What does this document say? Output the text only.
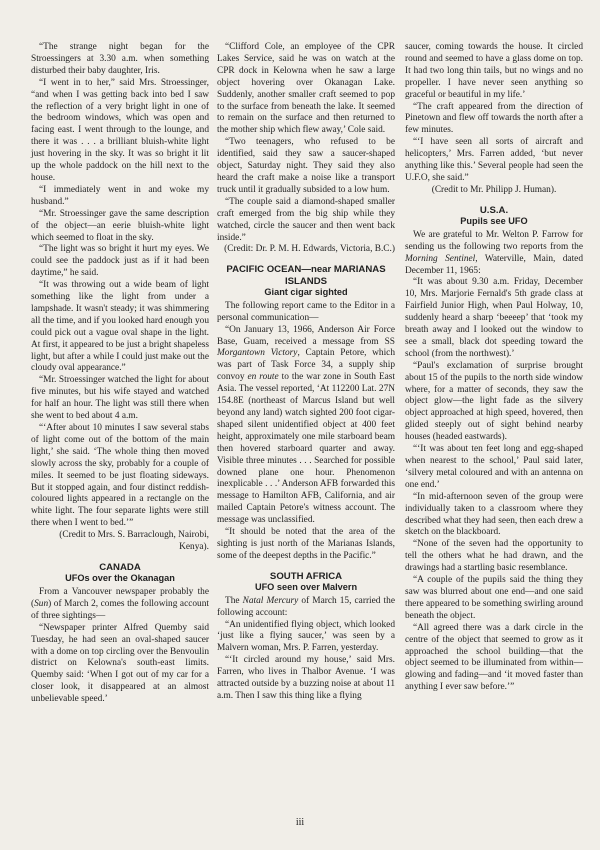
“The strange night began for the Stroessingers at 3.30 a.m. when something disturbed their baby daughter, Iris.

“I went in to her,” said Mrs. Stroessinger, “and when I was getting back into bed I saw the reflection of a very bright light in one of the bedroom windows, which was open and facing east. I went through to the lounge, and there it was . . . a brilliant bluish-white light just hovering in the sky. It was so bright it lit up the whole paddock on the hill next to the house.

“I immediately went in and woke my husband.”

“Mr. Stroessinger gave the same description of the object—an eerie bluish-white light which seemed to float in the sky.

“The light was so bright it hurt my eyes. We could see the paddock just as if it had been daytime,” he said.

“It was throwing out a wide beam of light something like the light from under a lampshade. It wasn't steady; it was shimmering all the time, and if you looked hard enough you could pick out a vague oval shape in the light. At first, it appeared to be just a bright shapeless light, but after a while I could just make out the cloudy oval appearance.”

“Mr. Stroessinger watched the light for about five minutes, but his wife stayed and watched for half an hour. The light was still there when she went to bed about 4 a.m.

“‘After about 10 minutes I saw several stabs of light come out of the bottom of the main light,’ she said. ‘The whole thing then moved slowly across the sky, probably for a couple of miles. It seemed to be just floating sideways. But it stopped again, and four distinct reddish-coloured lights appeared in a rectangle on the white light. The four separate lights were still there when I went to bed.’”

(Credit to Mrs. S. Barraclough, Nairobi, Kenya).

CANADA
UFOs over the Okanagan

From a Vancouver newspaper probably the (Sun) of March 2, comes the following account of three sightings—

“Newspaper printer Alfred Quemby said Tuesday, he had seen an oval-shaped saucer with a dome on top circling over the Benvoulin district on Kelowna's south-east limits. Quemby said: ‘When I got out of my car for a closer look, it disappeared at an almost unbelievable speed.’

“Clifford Cole, an employee of the CPR Lakes Service, said he was on watch at the CPR dock in Kelowna when he saw a large object hovering over Okanagan Lake. Suddenly, another smaller craft seemed to pop to the surface from beneath the lake. It seemed to remain on the surface and then returned to the mother ship which flew away,’ Cole said.

“Two teenagers, who refused to be identified, said they saw a saucer-shaped object, Saturday night. They said they also heard the craft make a noise like a transport truck until it gradually subsided to a low hum.

“The couple said a diamond-shaped smaller craft emerged from the big ship while they watched, circle the saucer and then went back inside.”

(Credit: Dr. P. M. H. Edwards, Victoria, B.C.)

PACIFIC OCEAN—near MARIANAS ISLANDS
Giant cigar sighted

The following report came to the Editor in a personal communication—

“On January 13, 1966, Anderson Air Force Base, Guam, received a message from SS Morgantown Victory, Captain Petore, which was part of Task Force 34, a supply ship convoy en route to the war zone in South East Asia. The vessel reported, ‘At 112200 Lat. 27N 154.8E (northeast of Marcus Island but well beyond any land) watch sighted 200 foot cigar-shaped silent unidentified object at 400 feet height, approximately one mile starboard beam then hovered starboard quarter and away. Visible three minutes . . . Searched for possible downed plane one hour. Phenomenon inexplicable . . .’ Anderson AFB forwarded this message to Hamilton AFB, California, and air mailed Captain Petore's witness account. The message was unclassified.

“It should be noted that the area of the sighting is just north of the Marianas Islands, some of the deepest depths in the Pacific.”

SOUTH AFRICA
UFO seen over Malvern

The Natal Mercury of March 15, carried the following account:

“An unidentified flying object, which looked ‘just like a flying saucer,’ was seen by a Malvern woman, Mrs. P. Farren, yesterday.

“‘It circled around my house,’ said Mrs. Farren, who lives in Thalbor Avenue. ‘I was attracted outside by a buzzing noise at about 11 a.m. Then I saw this thing like a flying

saucer, coming towards the house. It circled round and seemed to have a glass dome on top. It had two long thin tails, but no wings and no propeller. I have never seen anything so graceful or beautiful in my life.’

“The craft appeared from the direction of Pinetown and flew off towards the north after a few minutes.

“‘I have seen all sorts of aircraft and helicopters,’ Mrs. Farren added, ‘but never anything like this.’ Several people had seen the U.F.O, she said.”

(Credit to Mr. Philipp J. Human).

U.S.A.
Pupils see UFO

We are grateful to Mr. Welton P. Farrow for sending us the following two reports from the Morning Sentinel, Waterville, Main, dated December 11, 1965:

“It was about 9.30 a.m. Friday, December 10, Mrs. Marjorie Fernald's 5th grade class at Fairfield Junior High, when Paul Holway, 10, suddenly heard a sharp ‘beeeep’ that ‘took my breath away and I looked out the window to see a small, black dot speeding toward the school (from the northwest).’

“Paul's exclamation of surprise brought about 15 of the pupils to the north side window where, for a matter of seconds, they saw the object glow—the light fade as the silvery object approached at high speed, hovered, then glided steeply out of sight behind nearby houses (headed eastwards).

“‘It was about ten feet long and egg-shaped when nearest to the school,’ Paul said later, ‘silvery metal coloured and with an antenna on one end.’

“In mid-afternoon seven of the group were individually taken to a classroom where they described what they had seen, then each drew a sketch on the blackboard.

“None of the seven had the opportunity to tell the others what he had drawn, and the drawings had a startling basic resemblance.

“A couple of the pupils said the thing they saw was blurred about one end—and one said there appeared to be something swirling around beneath the object.

“All agreed there was a dark circle in the centre of the object that seemed to grow as it approached the school building—that the object seemed to be illuminated from within—glowing and fading—and ‘it moved faster than anything I ever saw before.’”

iii
